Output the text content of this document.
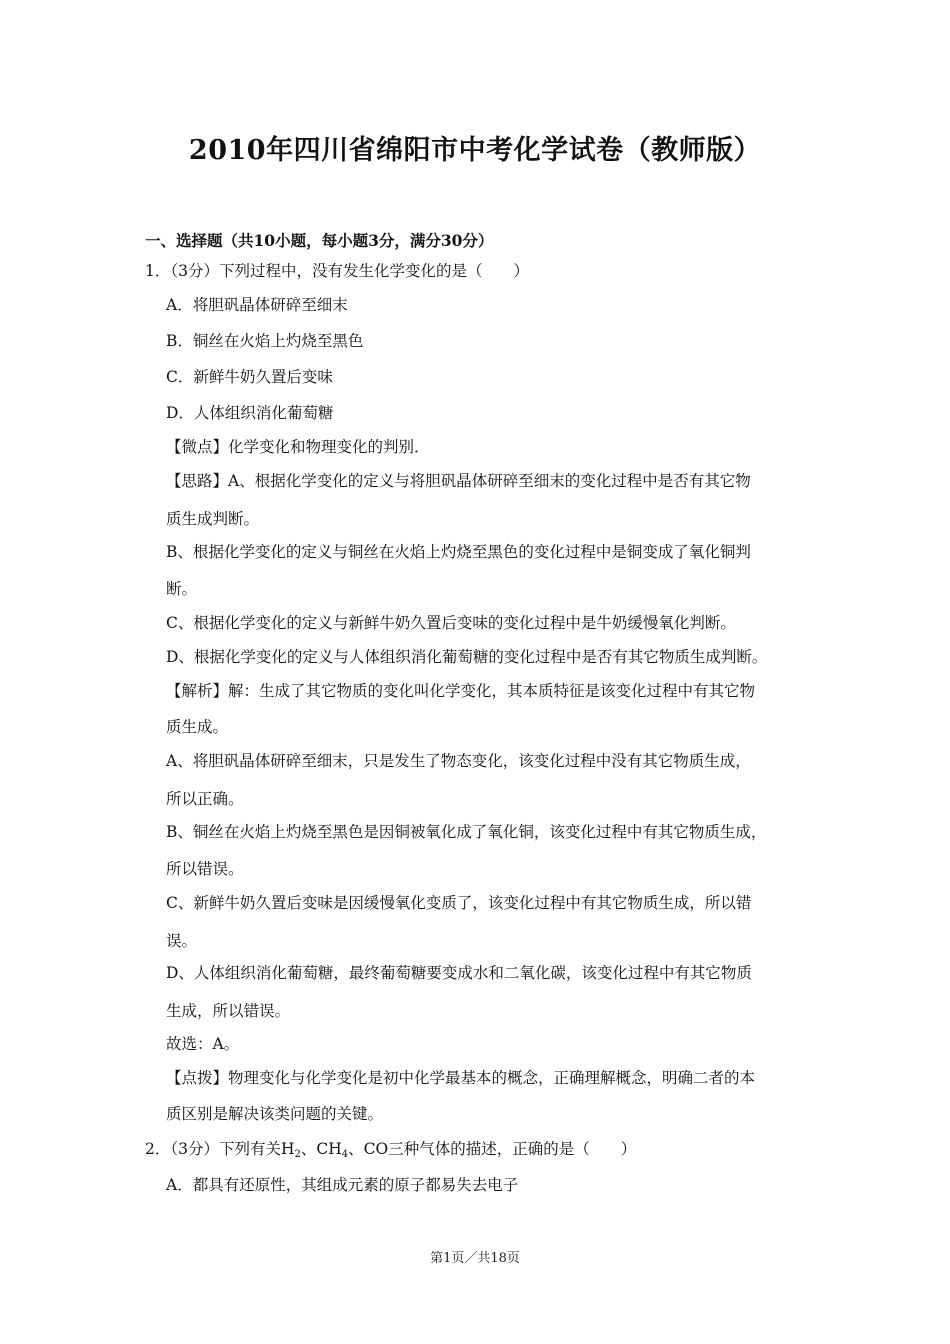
2010年四川省绵阳市中考化学试卷（教师版）
一、选择题（共10小题，每小题3分，满分30分）
1．（3分）下列过程中，没有发生化学变化的是（　　）
A．将胆矾晶体研碎至细末
B．铜丝在火焰上灼烧至黑色
C．新鲜牛奶久置后变味
D．人体组织消化葡萄糖
【微点】化学变化和物理变化的判别．
【思路】A、根据化学变化的定义与将胆矾晶体研碎至细末的变化过程中是否有其它物
质生成判断。
B、根据化学变化的定义与铜丝在火焰上灼烧至黑色的变化过程中是铜变成了氧化铜判
断。
C、根据化学变化的定义与新鲜牛奶久置后变味的变化过程中是牛奶缓慢氧化判断。
D、根据化学变化的定义与人体组织消化葡萄糖的变化过程中是否有其它物质生成判断。
【解析】解：生成了其它物质的变化叫化学变化，其本质特征是该变化过程中有其它物
质生成。
A、将胆矾晶体研碎至细末，只是发生了物态变化，该变化过程中没有其它物质生成，
所以正确。
B、铜丝在火焰上灼烧至黑色是因铜被氧化成了氧化铜，该变化过程中有其它物质生成，
所以错误。
C、新鲜牛奶久置后变味是因缓慢氧化变质了，该变化过程中有其它物质生成，所以错
误。
D、人体组织消化葡萄糖，最终葡萄糖要变成水和二氧化碳，该变化过程中有其它物质
生成，所以错误。
故选：A。
【点拨】物理变化与化学变化是初中化学最基本的概念，正确理解概念，明确二者的本
质区别是解决该类问题的关键。
2．（3分）下列有关$H_2$、$CH_4$、CO三种气体的描述，正确的是（　　）
A．都具有还原性，其组成元素的原子都易失去电子
第1页／共18页
